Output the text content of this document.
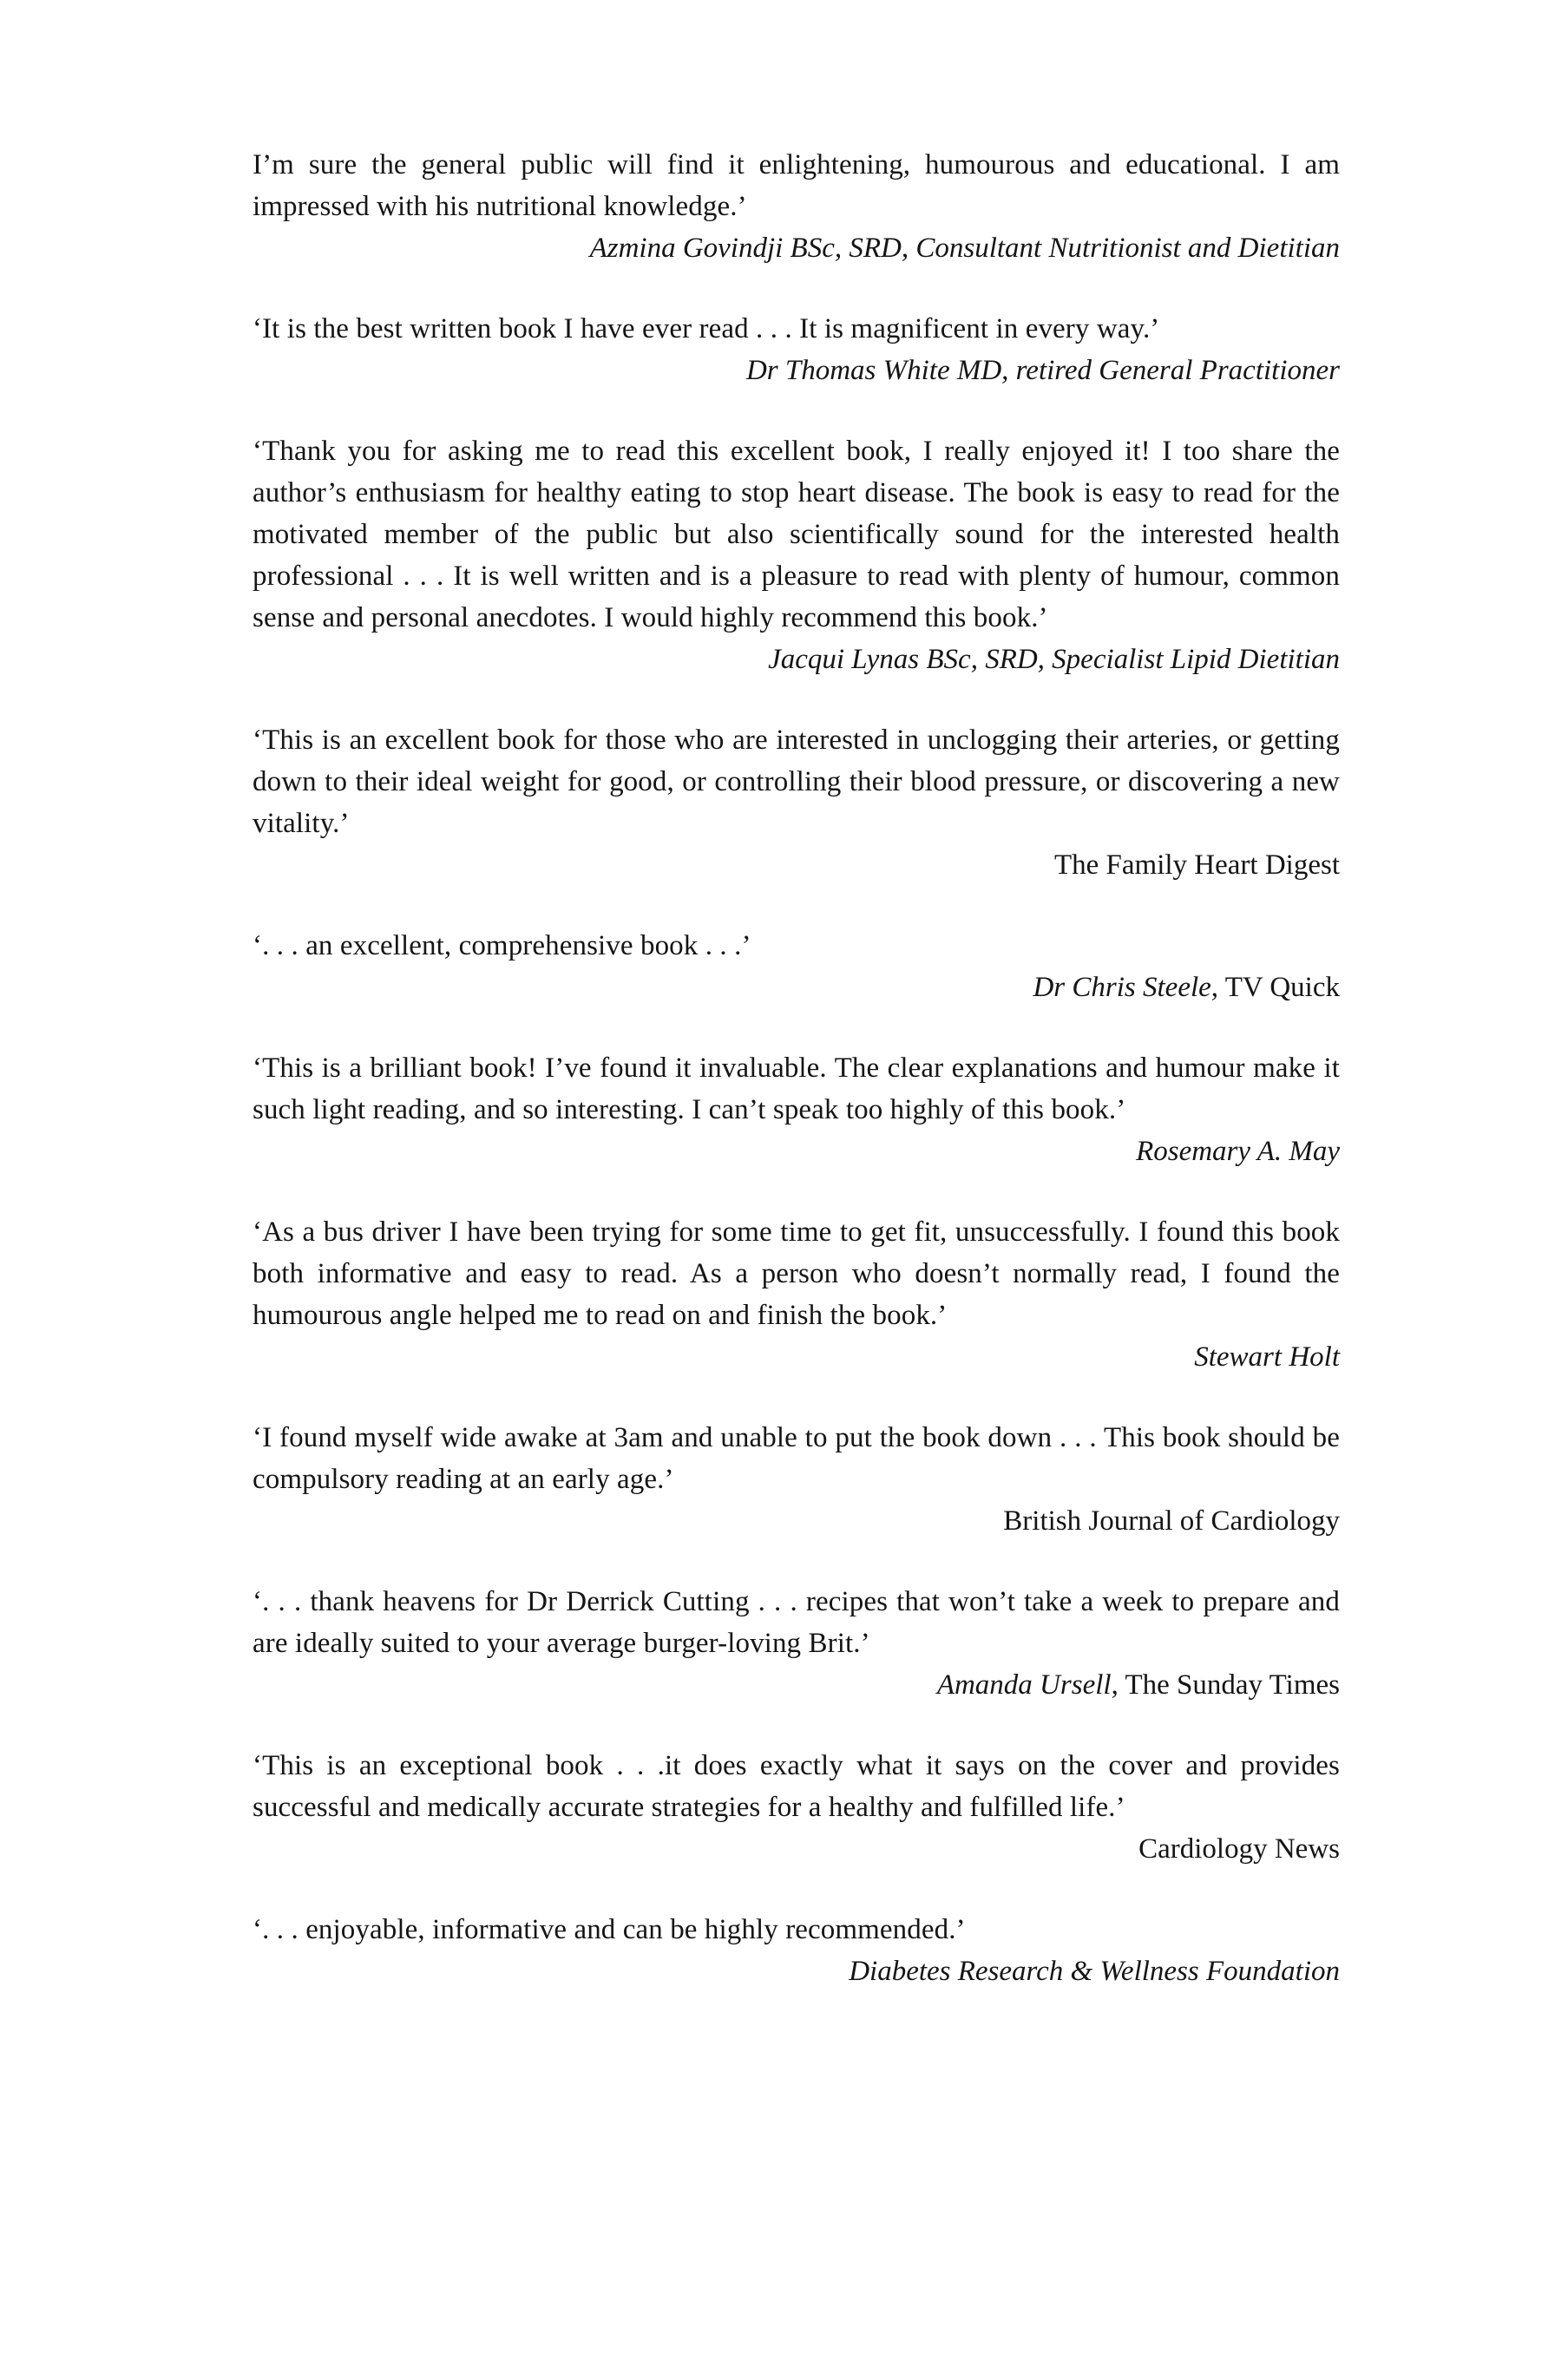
I’m sure the general public will find it enlightening, humourous and educational. I am impressed with his nutritional knowledge.’

Azmina Govindji BSc, SRD, Consultant Nutritionist and Dietitian

‘It is the best written book I have ever read . . . It is magnificent in every way.’

Dr Thomas White MD, retired General Practitioner

‘Thank you for asking me to read this excellent book, I really enjoyed it! I too share the author’s enthusiasm for healthy eating to stop heart disease. The book is easy to read for the motivated member of the public but also scientifically sound for the interested health professional . . . It is well written and is a pleasure to read with plenty of humour, common sense and personal anecdotes. I would highly recommend this book.’

Jacqui Lynas BSc, SRD, Specialist Lipid Dietitian

‘This is an excellent book for those who are interested in unclogging their arteries, or getting down to their ideal weight for good, or controlling their blood pressure, or discovering a new vitality.’

The Family Heart Digest

‘. . . an excellent, comprehensive book . . .’

Dr Chris Steele, TV Quick

‘This is a brilliant book! I’ve found it invaluable. The clear explanations and humour make it such light reading, and so interesting. I can’t speak too highly of this book.’

Rosemary A. May

‘As a bus driver I have been trying for some time to get fit, unsuccessfully. I found this book both informative and easy to read. As a person who doesn’t normally read, I found the humourous angle helped me to read on and finish the book.’

Stewart Holt

‘I found myself wide awake at 3am and unable to put the book down . . . This book should be compulsory reading at an early age.’

British Journal of Cardiology

‘. . . thank heavens for Dr Derrick Cutting . . . recipes that won’t take a week to prepare and are ideally suited to your average burger-loving Brit.’

Amanda Ursell, The Sunday Times

‘This is an exceptional book . . .it does exactly what it says on the cover and provides successful and medically accurate strategies for a healthy and fulfilled life.’

Cardiology News

‘. . . enjoyable, informative and can be highly recommended.’

Diabetes Research & Wellness Foundation
